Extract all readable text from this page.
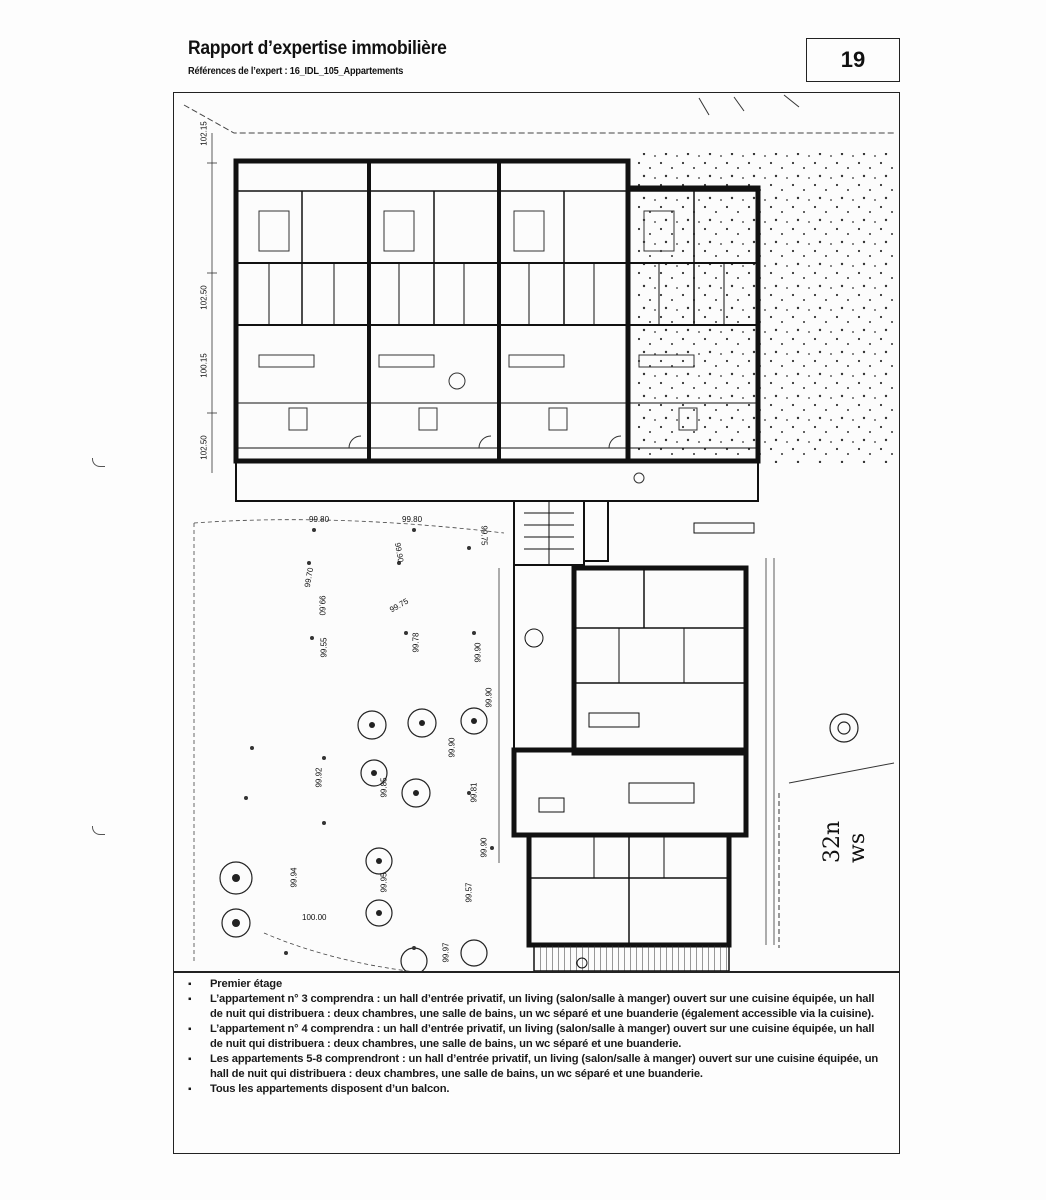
Rapport d’expertise immobilière
Références de l’expert : 16_IDL_105_Appartements	19
99.80	99.80
99.75
99.70
99.90
99.60	99.75
99.55	99.78	99.90
99.92	99.85
99.90
99.94	99.95	99.57
100.00
99.90
99.81
99.90
99.97
102.15
102.50
100.15
102.50
32n ws
▪ Premier étage
▪ L’appartement n° 3 comprendra : un hall d’entrée privatif, un living (salon/salle à manger) ouvert sur une cuisine équipée, un hall de nuit qui distribuera : deux chambres, une salle de bains, un wc séparé et une buanderie (également accessible via la cuisine).
▪ L’appartement n° 4 comprendra : un hall d’entrée privatif, un living (salon/salle à manger) ouvert sur une cuisine équipée, un hall de nuit qui distribuera : deux chambres, une salle de bains, un wc séparé et une buanderie.
▪ Les appartements 5-8 comprendront : un hall d’entrée privatif, un living (salon/salle à manger) ouvert sur une cuisine équipée, un hall de nuit qui distribuera : deux chambres, une salle de bains, un wc séparé et une buanderie.
▪ Tous les appartements disposent d’un balcon.
